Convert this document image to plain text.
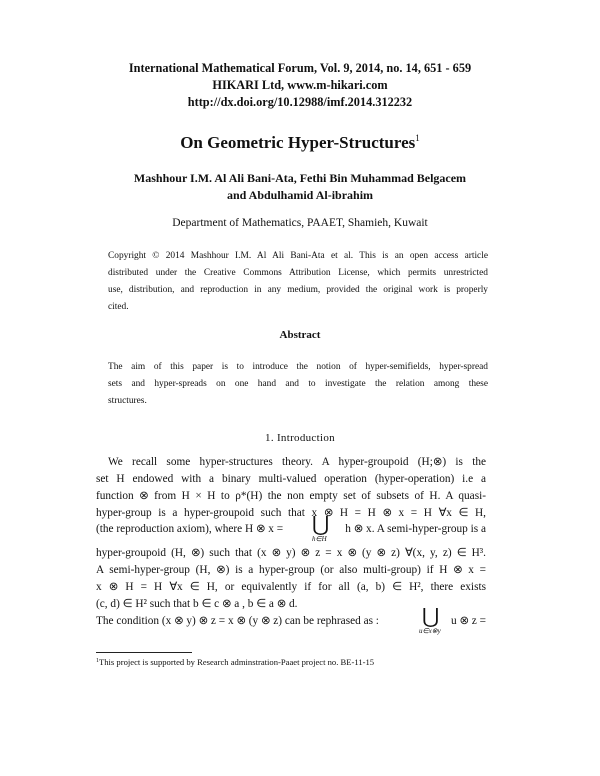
International Mathematical Forum, Vol. 9, 2014, no. 14, 651 - 659
HIKARI Ltd, www.m-hikari.com
http://dx.doi.org/10.12988/imf.2014.312232
On Geometric Hyper-Structures$^1$
Mashhour I.M. Al Ali Bani-Ata, Fethi Bin Muhammad Belgacem
and Abdulhamid Al-ibrahim
Department of Mathematics, PAAET, Shamieh, Kuwait
Copyright © 2014 Mashhour I.M. Al Ali Bani-Ata et al. This is an open access article
distributed under the Creative Commons Attribution License, which permits unrestricted
use, distribution, and reproduction in any medium, provided the original work is properly
cited.
Abstract
The aim of this paper is to introduce the notion of hyper-semifields, hyper-spread
sets and hyper-spreads on one hand and to investigate the relation among these
structures.
1. Introduction
We recall some hyper-structures theory. A hyper-groupoid (H;⊗) is the
set H endowed with a binary multi-valued operation (hyper-operation) i.e a
function ⊗ from H × H to ρ*(H) the non empty set of subsets of H. A quasi-
hyper-group is a hyper-groupoid such that x ⊗ H = H ⊗ x = H ∀x ∈ H,
(the reproduction axiom), where H ⊗ x = ⋃
h∈H
h ⊗ x. A semi-hyper-group is a
hyper-groupoid (H, ⊗) such that (x ⊗ y) ⊗ z = x ⊗ (y ⊗ z) ∀(x, y, z) ∈ H³.
A semi-hyper-group (H, ⊗) is a hyper-group (or also multi-group) if H ⊗ x =
x ⊗ H = H ∀x ∈ H, or equivalently if for all (a, b) ∈ H², there exists
(c, d) ∈ H² such that b ∈ c ⊗ a , b ∈ a ⊗ d.
The condition (x ⊗ y) ⊗ z = x ⊗ (y ⊗ z) can be rephrased as : ⋃
u∈x⊗y
u ⊗ z =
$^1$This project is supported by Research adminstration-Paaet project no. BE-11-15
